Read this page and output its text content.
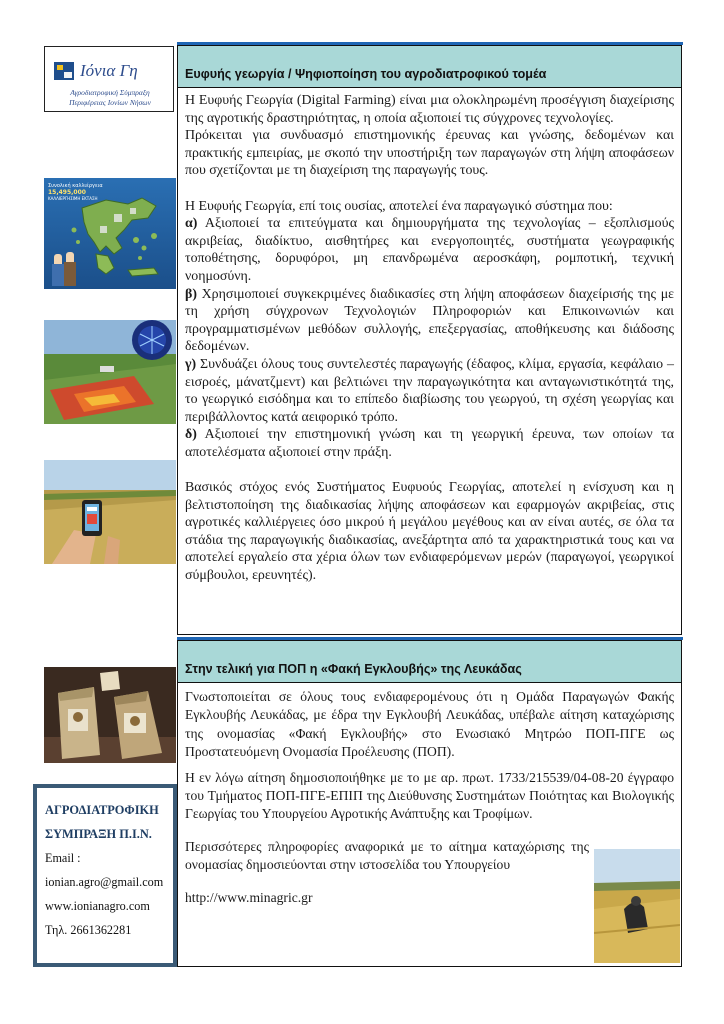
Ιόνια Γη
Αγροδιατροφική Σύμπραξη
Περιφέρειας Ιονίων Νήσων
Συνολική καλλιέργεια
15,495,000
ΚΑΛΛΙΕΡΓΗΣΙΜΗ ΕΚΤΑΣΗ
Ευφυής γεωργία / Ψηφιοποίηση του αγροδιατροφικού τομέα

Η Ευφυής Γεωργία (Digital Farming) είναι μια ολοκληρωμένη προσέγγιση διαχείρισης της αγροτικής δραστηριότητας, η οποία αξιοποιεί τις σύγχρονες τεχνολογίες.

Πρόκειται για συνδυασμό επιστημονικής έρευνας και γνώσης, δεδομένων και πρακτικής εμπειρίας, με σκοπό την υποστήριξη των παραγωγών στη λήψη αποφάσεων που σχετίζονται με τη διαχείριση της παραγωγής τους.

Η Ευφυής Γεωργία, επί τοις ουσίας, αποτελεί ένα παραγωγικό σύστημα που:

α) Αξιοποιεί τα επιτεύγματα και δημιουργήματα της τεχνολογίας – εξοπλισμούς ακριβείας, διαδίκτυο, αισθητήρες και ενεργοποιητές, συστήματα γεωγραφικής τοποθέτησης, δορυφόροι, μη επανδρωμένα αεροσκάφη, ρομποτική, τεχνική νοημοσύνη.

β) Χρησιμοποιεί συγκεκριμένες διαδικασίες στη λήψη αποφάσεων διαχείρισής της με τη χρήση σύγχρονων Τεχνολογιών Πληροφοριών και Επικοινωνιών και προγραμματισμένων μεθόδων συλλογής, επεξεργασίας, αποθήκευσης και διάδοσης δεδομένων.

γ) Συνδυάζει όλους τους συντελεστές παραγωγής (έδαφος, κλίμα, εργασία, κεφάλαιο – εισροές, μάνατζμεντ) και βελτιώνει την παραγωγικότητα και ανταγωνιστικότητά της, το γεωργικό εισόδημα και το επίπεδο διαβίωσης του γεωργού, τη σχέση γεωργίας και περιβάλλοντος κατά αειφορικό τρόπο.

δ) Αξιοποιεί την επιστημονική γνώση και τη γεωργική έρευνα, των οποίων τα αποτελέσματα αξιοποιεί στην πράξη.

Βασικός στόχος ενός Συστήματος Ευφυούς Γεωργίας, αποτελεί η ενίσχυση και η βελτιστοποίηση της διαδικασίας λήψης αποφάσεων και εφαρμογών ακριβείας, στις αγροτικές καλλιέργειες όσο μικρού ή μεγάλου μεγέθους και αν είναι αυτές, σε όλα τα στάδια της παραγωγικής διαδικασίας, ανεξάρτητα από τα χαρακτηριστικά τους και να αποτελεί εργαλείο στα χέρια όλων των ενδιαφερόμενων μερών (παραγωγοί, γεωργικοί σύμβουλοι, ερευνητές).

Στην τελική για ΠΟΠ η «Φακή Εγκλουβής» της Λευκάδας

Γνωστοποιείται σε όλους τους ενδιαφερομένους ότι η Ομάδα Παραγωγών Φακής Εγκλουβής Λευκάδας, με έδρα την Εγκλουβή Λευκάδας, υπέβαλε αίτηση καταχώρισης της ονομασίας «Φακή Εγκλουβής» στο Ενωσιακό Μητρώο ΠΟΠ-ΠΓΕ ως Προστατευόμενη Ονομασία Προέλευσης (ΠΟΠ).

Η εν λόγω αίτηση δημοσιοποιήθηκε με το με αρ. πρωτ. 1733/215539/04-08-20 έγγραφο του Τμήματος ΠΟΠ-ΠΓΕ-ΕΠΙΠ της Διεύθυνσης Συστημάτων Ποιότητας και Βιολογικής Γεωργίας του Υπουργείου Αγροτικής Ανάπτυξης και Τροφίμων.

Περισσότερες πληροφορίες αναφορικά με το αίτημα καταχώρισης της ονομασίας δημοσιεύονται στην ιστοσελίδα του Υπουργείου

http://www.minagric.gr

ΑΓΡΟΔΙΑΤΡΟΦΙΚΗ
ΣΥΜΠΡΑΞΗ Π.Ι.Ν.
Email :
ionian.agro@gmail.com
www.ionianagro.com
Τηλ. 2661362281
